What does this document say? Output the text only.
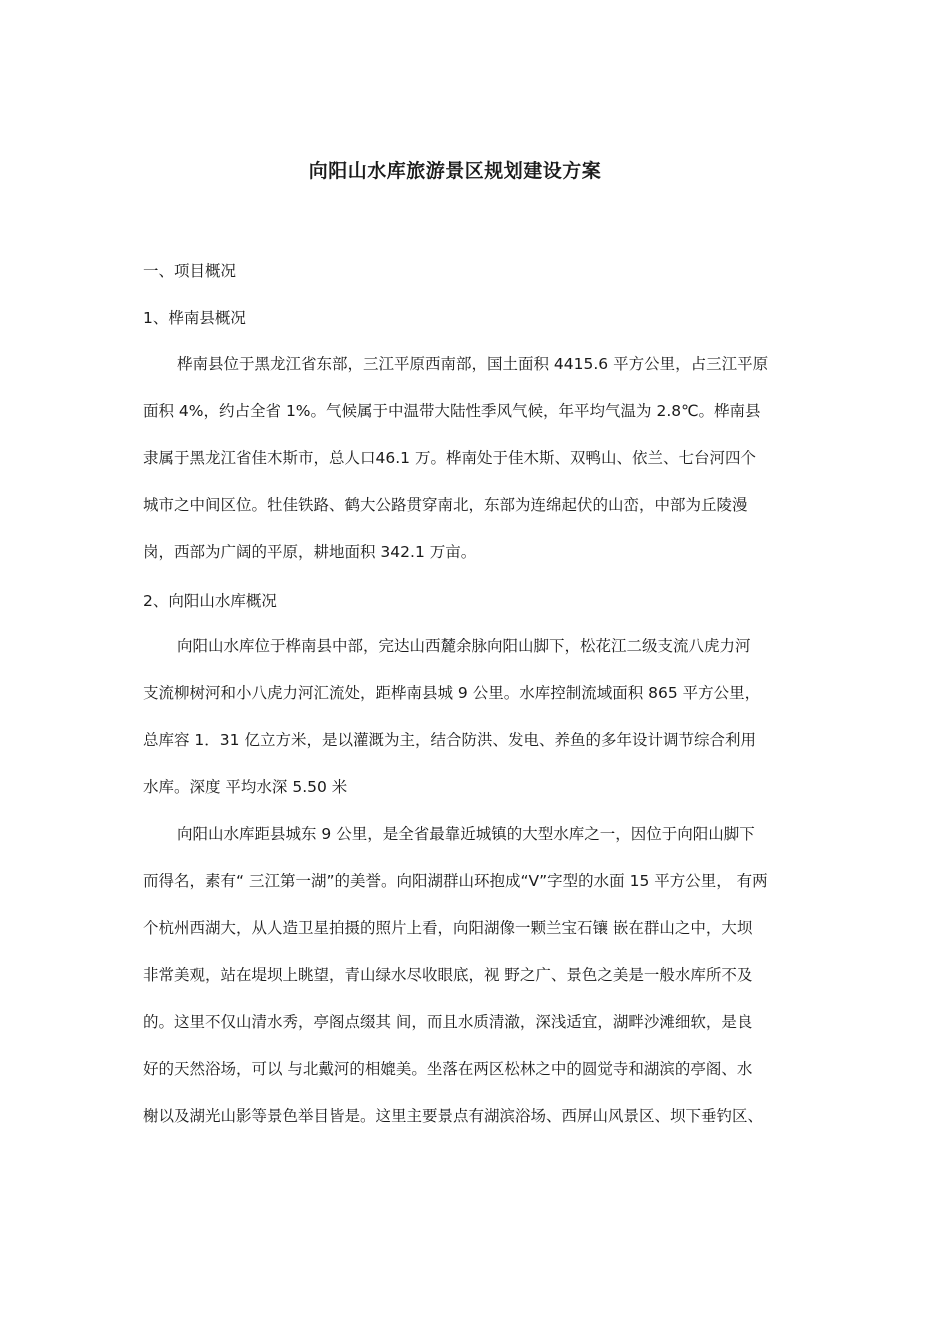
向阳山水库旅游景区规划建设方案
一、项目概况
1、桦南县概况
桦南县位于黑龙江省东部，三江平原西南部，国土面积 4415.6 平方公里，占三江平原
面积 4%，约占全省 1%。气候属于中温带大陆性季风气候，年平均气温为 2.8℃。桦南县
隶属于黑龙江省佳木斯市，总人口46.1 万。桦南处于佳木斯、双鸭山、依兰、七台河四个
城市之中间区位。牡佳铁路、鹤大公路贯穿南北，东部为连绵起伏的山峦，中部为丘陵漫
岗，西部为广阔的平原，耕地面积 342.1 万亩。
2、向阳山水库概况
向阳山水库位于桦南县中部，完达山西麓余脉向阳山脚下，松花江二级支流八虎力河
支流柳树河和小八虎力河汇流处，距桦南县城 9 公里。水库控制流域面积 865 平方公里，
总库容 1．31 亿立方米，是以灌溉为主，结合防洪、发电、养鱼的多年设计调节综合利用
水库。深度 平均水深 5.50 米
向阳山水库距县城东 9 公里，是全省最靠近城镇的大型水库之一，因位于向阳山脚下
而得名，素有“ 三江第一湖”的美誉。向阳湖群山环抱成“V”字型的水面 15 平方公里， 有两
个杭州西湖大，从人造卫星拍摄的照片上看，向阳湖像一颗兰宝石镶 嵌在群山之中，大坝
非常美观，站在堤坝上眺望，青山绿水尽收眼底，视 野之广、景色之美是一般水库所不及
的。这里不仅山清水秀，亭阁点缀其 间，而且水质清澈，深浅适宜，湖畔沙滩细软，是良
好的天然浴场，可以 与北戴河的相媲美。坐落在两区松林之中的圆觉寺和湖滨的亭阁、水
榭以及湖光山影等景色举目皆是。这里主要景点有湖滨浴场、西屏山风景区、坝下垂钓区、
